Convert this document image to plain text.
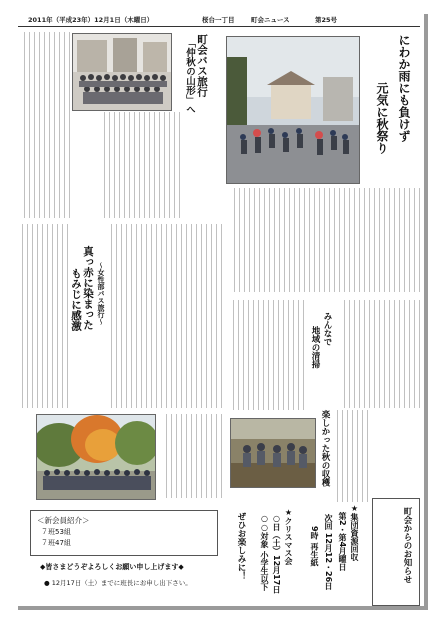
2011年（平成23年）12月1日（木曜日）	桜台一丁目	町会ニュース	第25号
町会バス旅行
「仲秋の山形」へ	にわか雨にも負けず
元気に秋祭り
真っ赤に染まった
もみじに感激 ～女性部バス旅行～
みんなで
地域の清掃
楽しかった秋の収穫
町会からのお知らせ
★クリスマス会
○日（土）12月17日
○○対象 小学生以下	次回 12月12・26日 ★集団資源回収
第2・第4月曜日
9時 再生紙
ぜひお楽しみに！
＜新会員紹介＞
７班53組
７班47組
◆皆さまどうぞよろしくお願い申し上げます◆
● 12月17日（土）までに班長にお申し出下さい。
